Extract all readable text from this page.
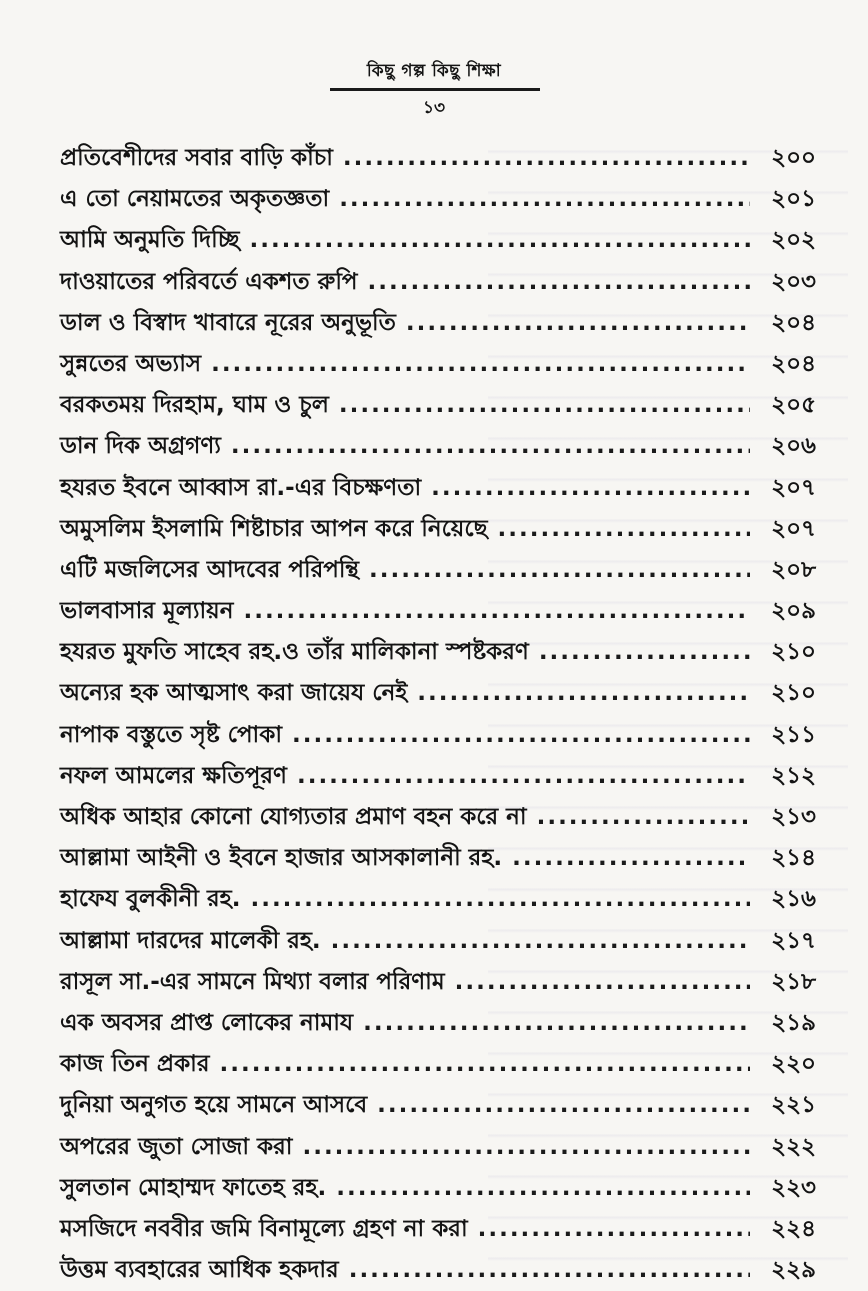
কিছু গল্প কিছু শিক্ষা
১৩
প্রতিবেশীদের সবার বাড়ি কাঁচা .....	২০০
এ তো নেয়ামতের অকৃতজ্ঞতা .....	২০১
আমি অনুমতি দিচ্ছি .....	২০২
দাওয়াতের পরিবর্তে একশত রুপি .....	২০৩
ডাল ও বিস্বাদ খাবারে নূরের অনুভূতি .....	২০৪
সুন্নতের অভ্যাস .....	২০৪
বরকতময় দিরহাম, ঘাম ও চুল .....	২০৫
ডান দিক অগ্রগণ্য .....	২০৬
হযরত ইবনে আব্বাস রা.-এর বিচক্ষণতা .....	২০৭
অমুসলিম ইসলামি শিষ্টাচার আপন করে নিয়েছে .....	২০৭
এটি মজলিসের আদবের পরিপন্থি .....	২০৮
ভালবাসার মূল্যায়ন .....	২০৯
হযরত মুফতি সাহেব রহ.ও তাঁর মালিকানা স্পষ্টকরণ .....	২১০
অন্যের হক আত্মসাৎ করা জায়েয নেই .....	২১০
নাপাক বস্তুতে সৃষ্ট পোকা .....	২১১
নফল আমলের ক্ষতিপূরণ .....	২১২
অধিক আহার কোনো যোগ্যতার প্রমাণ বহন করে না .....	২১৩
আল্লামা আইনী ও ইবনে হাজার আসকালানী রহ. .....	২১৪
হাফেয বুলকীনী রহ. .....	২১৬
আল্লামা দারদের মালেকী রহ. .....	২১৭
রাসূল সা.-এর সামনে মিথ্যা বলার পরিণাম .....	২১৮
এক অবসর প্রাপ্ত লোকের নামায .....	২১৯
কাজ তিন প্রকার .....	২২০
দুনিয়া অনুগত হয়ে সামনে আসবে .....	২২১
অপরের জুতা সোজা করা .....	২২২
সুলতান মোহাম্মদ ফাতেহ রহ. .....	২২৩
মসজিদে নববীর জমি বিনামূল্যে গ্রহণ না করা .....	২২৪
উত্তম ব্যবহারের আধিক হকদার .....	২২৯
